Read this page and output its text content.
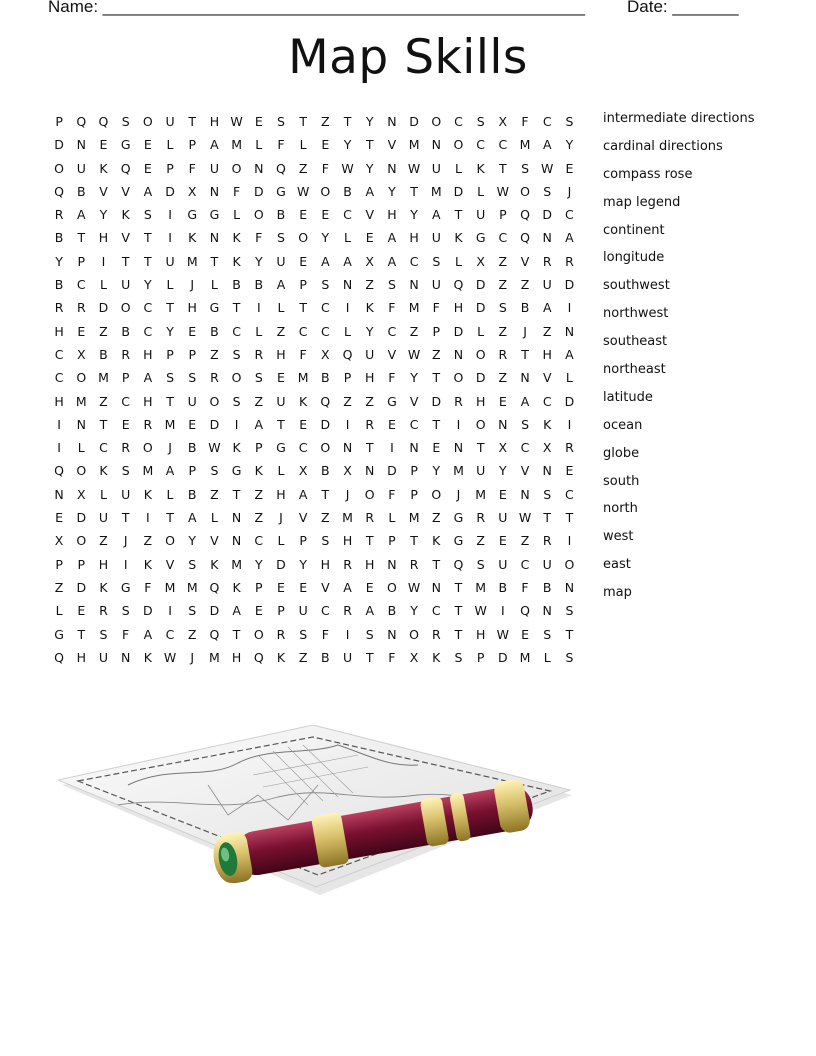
Name: ___________________________________________________ Date: _______
Map Skills
P	Q Q	S	O	U	T	H W E	S	T	Z	T	Y	N	D O	C	S	X	F	C	S
D	N	E	G	E	L	P	A	M	L	F	L	E	Y	T	V	M N	O	C	C M	A	Y
O	U	K	Q	E	P	F	U	O	N	Q	Z	F W Y	N W U	L	K	T	S W E
Q	B	V	V	A	D	X	N	F	D	G W O	B	A	Y	T	M D	L	W O	S	J
R	A	Y	K	S	I	G	G	L	O	B	E	E	C	V	H	Y	A	T	U	P	Q D	C
B	T	H	V	T	I	K	N	K	F	S	O	Y	L	E	A	H	U	K	G	C	Q	N	A
Y	P	I	T	T	U M	T	K	Y	U	E	A	A	X	A	C	S	L	X	Z	V	R	R
B	C	L	U	Y	L	J	L	B	B	A	P	S	N	Z	S	N	U	Q D	Z	Z	U	D
R	R	D O	C	T	H	G	T	I	L	T	C	I	K	F	M	F	H	D	S	B	A	I
H	E	Z	B	C	Y	E	B	C	L	Z	C	C	L	Y	C	Z	P	D	L	Z	J	Z	N
C	X	B	R	H	P	P	Z	S	R	H	F	X	Q	U	V W Z	N	O	R	T	H	A
C	O M	P	A	S	S	R	O	S	E	M	B	P	H	F	Y	T	O D	Z	N	V	L
H M	Z	C	H	T	U	O	S	Z	U	K	Q	Z	Z	G	V	D	R	H	E	A	C	D
I	N	T	E	R M	E	D	I	A	T	E	D	I	R	E	C	T	I	O	N	S	K	I
I	L	C	R	O	J	B W K	P	G	C	O	N	T	I	N	E	N	T	X	C	X	R
Q O	K	S	M	A	P	S	G	K	L	X	B	X	N	D	P	Y	M U	Y	V	N	E
N	X	L	U	K	L	B	Z	T	Z	H	A	T	J	O	F	P	O	J	M	E	N	S	C
E	D	U	T	I	T	A	L	N	Z	J	V	Z	M R	L	M	Z	G	R	U W T	T
X	O	Z	J	Z	O	Y	V	N	C	L	P	S	H	T	P	T	K	G	Z	E	Z	R	I
P	P	H	I	K	V	S	K	M	Y	D	Y	H	R	H	N	R	T	Q	S	U	C	U	O
Z	D	K	G	F	M M Q	K	P	E	E	V	A	E	O W N	T	M	B	F	B	N
L	E	R	S	D	I	S	D	A	E	P	U	C	R	A	B	Y	C	T W	I	Q	N	S
G	T	S	F	A	C	Z	Q	T	O	R	S	F	I	S	N	O	R	T	H W E	S	T
Q	H	U	N	K W	J	M H	Q	K	Z	B	U	T	F	X	K	S	P	D M	L	S
intermediate directions
cardinal directions
compass rose
map legend
continent
longitude
southwest
northwest
southeast
northeast
latitude
ocean
globe
south
north
west
east
map
